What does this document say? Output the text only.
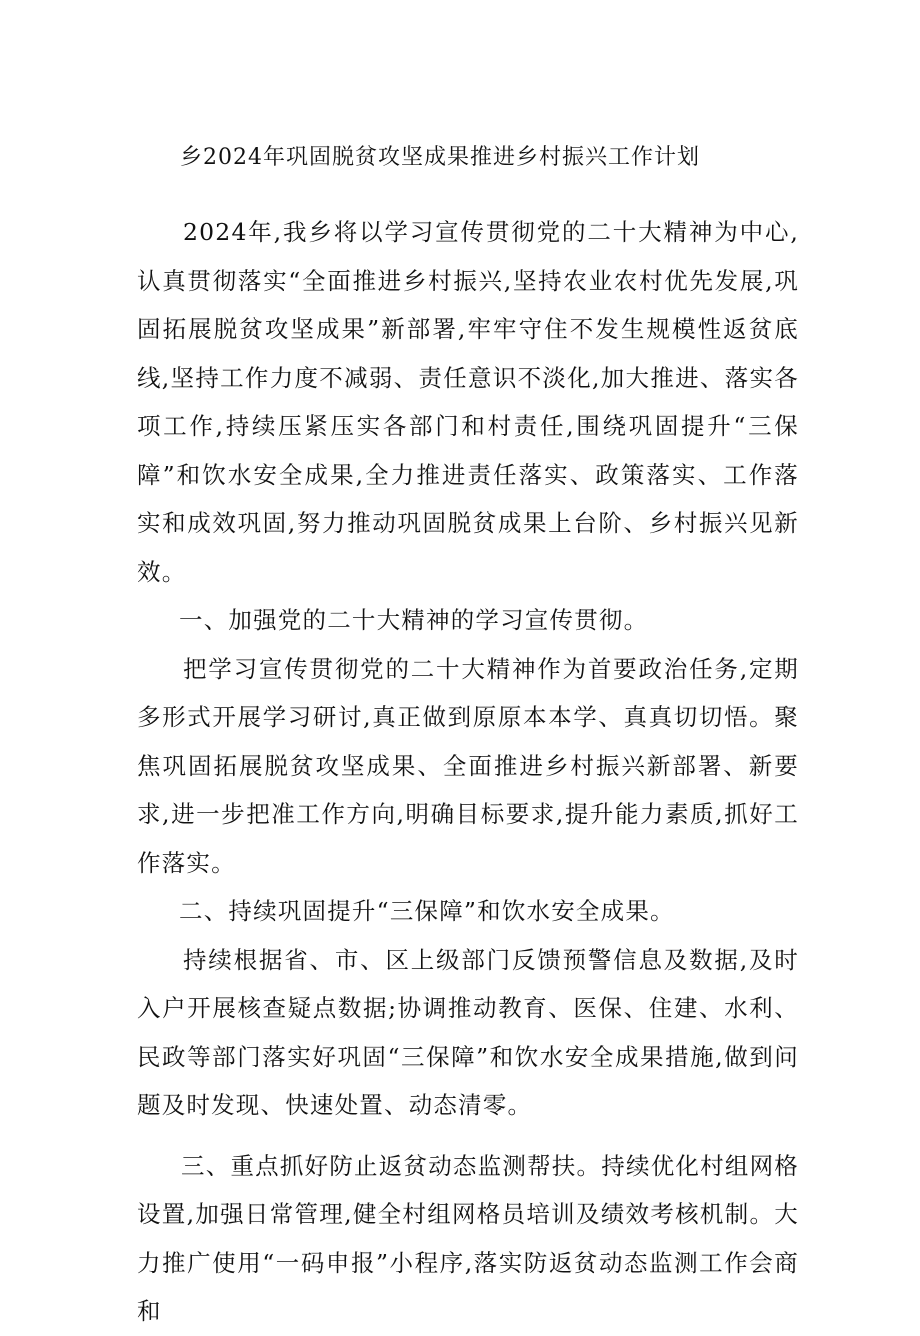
乡2024年巩固脱贫攻坚成果推进乡村振兴工作计划

2024年,我乡将以学习宣传贯彻党的二十大精神为中心,认真贯彻落实“全面推进乡村振兴,坚持农业农村优先发展,巩固拓展脱贫攻坚成果”新部署,牢牢守住不发生规模性返贫底线,坚持工作力度不减弱、责任意识不淡化,加大推进、落实各项工作,持续压紧压实各部门和村责任,围绕巩固提升“三保障”和饮水安全成果,全力推进责任落实、政策落实、工作落实和成效巩固,努力推动巩固脱贫成果上台阶、乡村振兴见新效。

一、加强党的二十大精神的学习宣传贯彻。

把学习宣传贯彻党的二十大精神作为首要政治任务,定期多形式开展学习研讨,真正做到原原本本学、真真切切悟。聚焦巩固拓展脱贫攻坚成果、全面推进乡村振兴新部署、新要求,进一步把准工作方向,明确目标要求,提升能力素质,抓好工作落实。

二、持续巩固提升“三保障”和饮水安全成果。

持续根据省、市、区上级部门反馈预警信息及数据,及时入户开展核查疑点数据;协调推动教育、医保、住建、水利、民政等部门落实好巩固“三保障”和饮水安全成果措施,做到问题及时发现、快速处置、动态清零。

三、重点抓好防止返贫动态监测帮扶。持续优化村组网格设置,加强日常管理,健全村组网格员培训及绩效考核机制。大力推广使用“一码申报”小程序,落实防返贫动态监测工作会商和
